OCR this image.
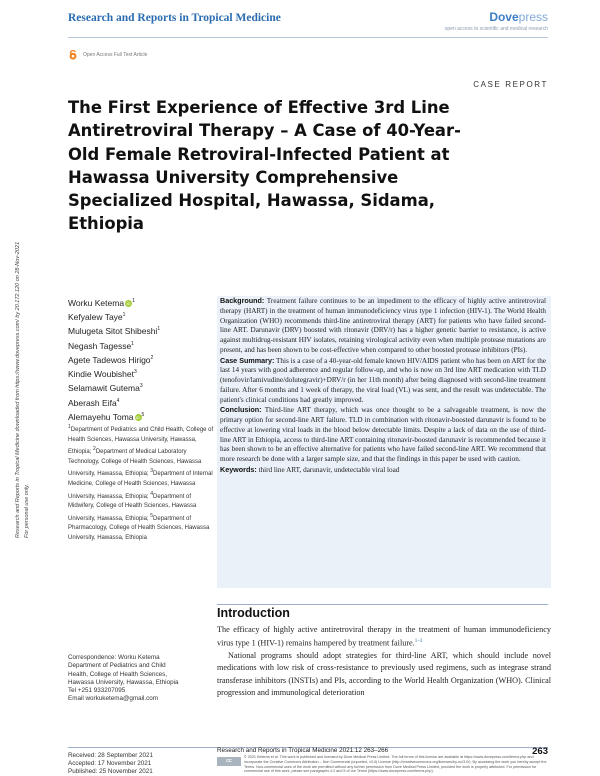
Research and Reports in Tropical Medicine	Dovepress
open access to scientific and medical research
Open Access Full Text Article
CASE REPORT
The First Experience of Effective 3rd Line Antiretroviral Therapy – A Case of 40-Year-Old Female Retroviral-Infected Patient at Hawassa University Comprehensive Specialized Hospital, Hawassa, Sidama, Ethiopia
Research and Reports in Tropical Medicine downloaded from https://www.dovepress.com/ by 20.172.120 on 28-Nov-2021 For personal use only.
Worku Ketema iD $^1$
Kefyalew Taye$^1$
Mulugeta Sitot Shibeshi$^1$
Negash Tagesse$^1$
Agete Tadewos Hirigo$^2$
Kindie Woubishet$^3$
Selamawit Gutema$^3$
Aberash Eifa$^4$
Alemayehu Toma iD $^5$
$^1$Department of Pediatrics and Child Health, College of Health Sciences, Hawassa University, Hawassa, Ethiopia; $^2$Department of Medical Laboratory Technology, College of Health Sciences, Hawassa University, Hawassa, Ethiopia; $^3$Department of Internal Medicine, College of Health Sciences, Hawassa University, Hawassa, Ethiopia; $^4$Department of Midwifery, College of Health Sciences, Hawassa University, Hawassa, Ethiopia; $^5$Department of Pharmacology, College of Health Sciences, Hawassa University, Hawassa, Ethiopia

Background: Treatment failure continues to be an impediment to the efficacy of highly active antiretroviral therapy (HART) in the treatment of human immunodeficiency virus type 1 infection (HIV-1). The World Health Organization (WHO) recommends third-line antiretroviral therapy (ART) for patients who have failed second-line ART. Darunavir (DRV) boosted with ritonavir (DRV/r) has a higher genetic barrier to resistance, is active against multidrug-resistant HIV isolates, retaining virological activity even when multiple protease mutations are present, and has been shown to be cost-effective when compared to other boosted protease inhibitors (PIs).

Case Summary: This is a case of a 40-year-old female known HIV/AIDS patient who has been on ART for the last 14 years with good adherence and regular follow-up, and who is now on 3rd line ART medication with TLD (tenofovir/lamivudine/dolutegravir)+DRV/r (in her 11th month) after being diagnosed with second-line treatment failure. After 6 months and 1 week of therapy, the viral load (VL) was sent, and the result was undetectable. The patient's clinical conditions had greatly improved.

Conclusion: Third-line ART therapy, which was once thought to be a salvageable treatment, is now the primary option for second-line ART failure. TLD in combination with ritonavir-boosted darunavir is found to be effective at lowering viral loads in the blood below detectable limits. Despite a lack of data on the use of third-line ART in Ethiopia, access to third-line ART containing ritonavir-boosted darunavir is recommended because it has been shown to be an effective alternative for patients who have failed second-line ART. We recommend that more research be done with a larger sample size, and that the findings in this paper be used with caution.

Keywords: third line ART, darunavir, undetectable viral load

Introduction

The efficacy of highly active antiretroviral therapy in the treatment of human immunodeficiency virus type 1 (HIV-1) remains hampered by treatment failure.$^{1-3}$

National programs should adopt strategies for third-line ART, which should include novel medications with low risk of cross-resistance to previously used regimens, such as integrase strand transferase inhibitors (INSTIs) and PIs, according to the World Health Organization (WHO). Clinical progression and immunological deterioration

Correspondence: Worku Ketema
Department of Pediatrics and Child
Health, College of Health Sciences,
Hawassa University, Hawassa, Ethiopia
Tel +251 933207095
Email workuketema@gmail.com
Received: 28 September 2021
Accepted: 17 November 2021
Published: 25 November 2021
Research and Reports in Tropical Medicine 2021:12 263–266	263
cc
© 2021 Ketema et al. This work is published and licensed by Dove Medical Press Limited. The full terms of this license are available at https://www.dovepress.com/terms.php and incorporate the Creative Commons Attribution – Non Commercial (unported, v3.0) License (http://creativecommons.org/licenses/by-nc/3.0/). By accessing the work you hereby accept the Terms. Non-commercial uses of the work are permitted without any further permission from Dove Medical Press Limited, provided the work is properly attributed. For permission for commercial use of this work, please see paragraphs 4.2 and 5 of our Terms (https://www.dovepress.com/terms.php).
